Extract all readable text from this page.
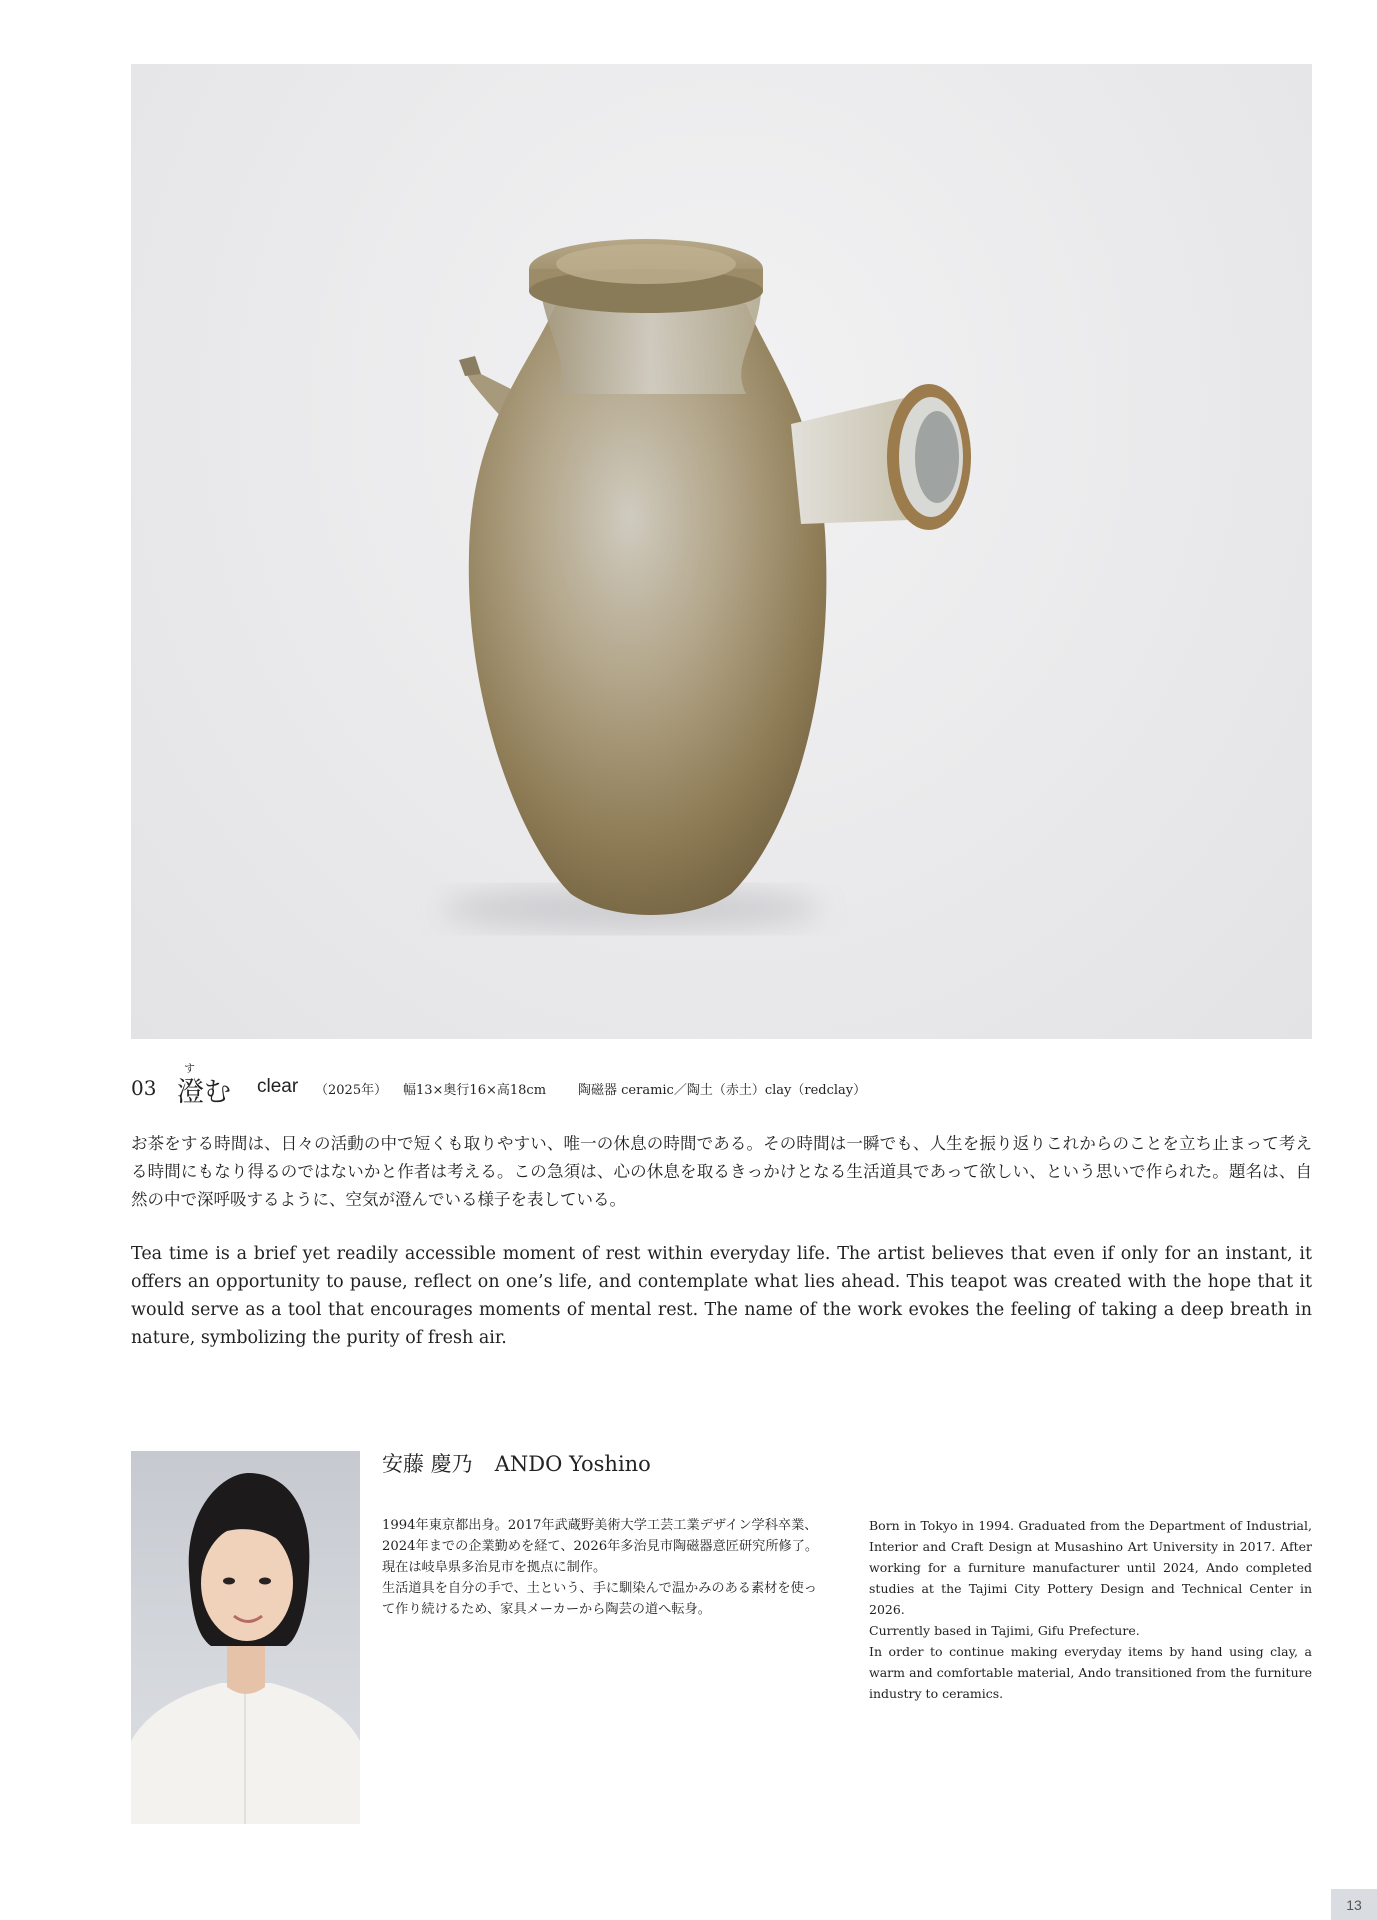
03
す
澄む clear （2025年） 幅13×奥行16×高18cm 陶磁器 ceramic／陶土（赤土）clay（redclay）

お茶をする時間は、日々の活動の中で短くも取りやすい、唯一の休息の時間である。その時間は一瞬でも、人生を振り返りこれからのことを立ち止まって考える時間にもなり得るのではないかと作者は考える。この急須は、心の休息を取るきっかけとなる生活道具であって欲しい、という思いで作られた。題名は、自然の中で深呼吸するように、空気が澄んでいる様子を表している。

Tea time is a brief yet readily accessible moment of rest within everyday life. The artist believes that even if only for an instant, it offers an opportunity to pause, reflect on one’s life, and contemplate what lies ahead. This teapot was created with the hope that it would serve as a tool that encourages moments of mental rest. The name of the work evokes the feeling of taking a deep breath in nature, symbolizing the purity of fresh air.

安藤 慶乃 ANDO Yoshino
1994年東京都出身。2017年武蔵野美術大学工芸工業デザイン学科卒業、2024年までの企業勤めを経て、2026年多治見市陶磁器意匠研究所修了。
現在は岐阜県多治見市を拠点に制作。
生活道具を自分の手で、土という、手に馴染んで温かみのある素材を使って作り続けるため、家具メーカーから陶芸の道へ転身。
Born in Tokyo in 1994. Graduated from the Department of Industrial, Interior and Craft Design at Musashino Art University in 2017. After working for a furniture manufacturer until 2024, Ando completed studies at the Tajimi City Pottery Design and Technical Center in 2026.
Currently based in Tajimi, Gifu Prefecture.
In order to continue making everyday items by hand using clay, a warm and comfortable material, Ando transitioned from the furniture industry to ceramics.
13
